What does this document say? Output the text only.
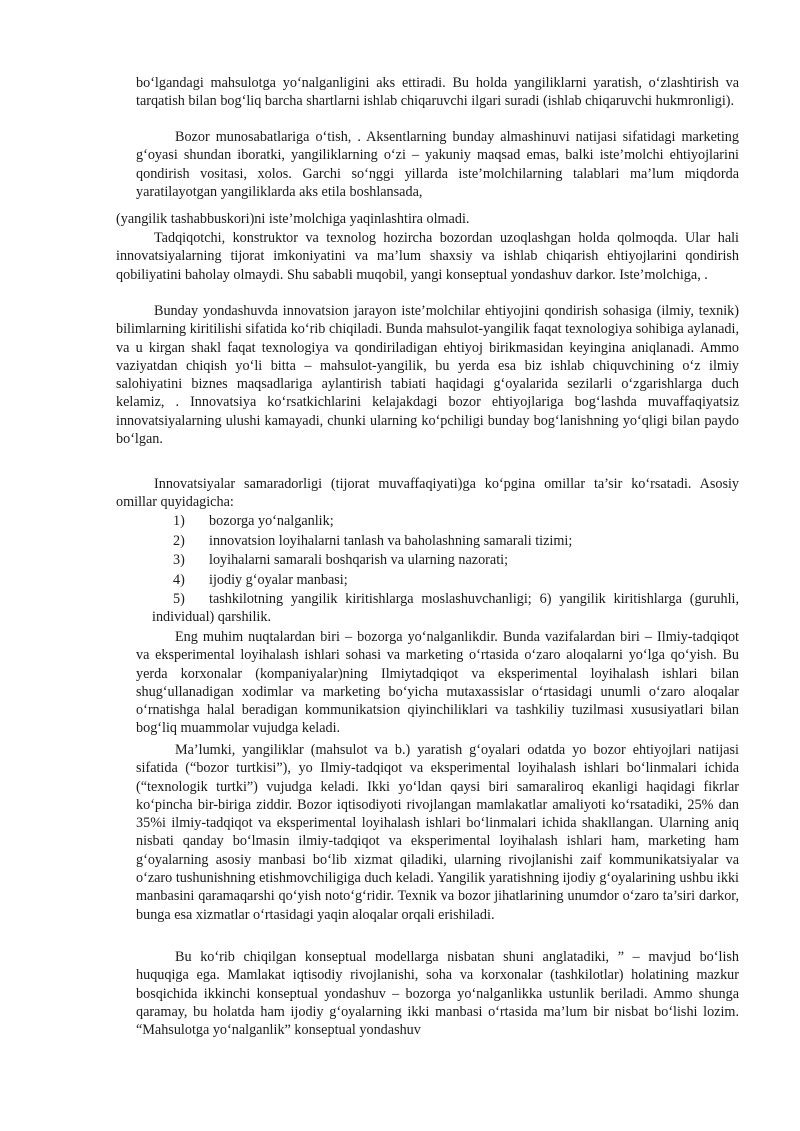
bo‘lgandagi mahsulotga yo‘nalganligini aks ettiradi. Bu holda yangiliklarni yaratish, o‘zlashtirish va tarqatish bilan bog‘liq barcha shartlarni ishlab chiqaruvchi ilgari suradi (ishlab chiqaruvchi hukmronligi).

Bozor munosabatlariga o‘tish, . Aksentlarning bunday almashinuvi natijasi sifatidagi marketing g‘oyasi shundan iboratki, yangiliklarning o‘zi – yakuniy maqsad emas, balki iste’molchi ehtiyojlarini qondirish vositasi, xolos. Garchi so‘nggi yillarda iste’molchilarning talablari ma’lum miqdorda yaratilayotgan yangiliklarda aks etila boshlansada,

(yangilik tashabbuskori)ni iste’molchiga yaqinlashtira olmadi.

Tadqiqotchi, konstruktor va texnolog hozircha bozordan uzoqlashgan holda qolmoqda. Ular hali innovatsiyalarning tijorat imkoniyatini va ma’lum shaxsiy va ishlab chiqarish ehtiyojlarini qondirish qobiliyatini baholay olmaydi. Shu sababli muqobil, yangi konseptual yondashuv darkor. Iste’molchiga, .

Bunday yondashuvda innovatsion jarayon iste’molchilar ehtiyojini qondirish sohasiga (ilmiy, texnik) bilimlarning kiritilishi sifatida ko‘rib chiqiladi. Bunda mahsulot-yangilik faqat texnologiya sohibiga aylanadi, va u kirgan shakl faqat texnologiya va qondiriladigan ehtiyoj birikmasidan keyingina aniqlanadi. Ammo vaziyatdan chiqish yo‘li bitta – mahsulot-yangilik, bu yerda esa biz ishlab chiquvchining o‘z ilmiy salohiyatini biznes maqsadlariga aylantirish tabiati haqidagi g‘oyalarida sezilarli o‘zgarishlarga duch kelamiz, . Innovatsiya ko‘rsatkichlarini kelajakdagi bozor ehtiyojlariga bog‘lashda muvaffaqiyatsiz innovatsiyalarning ulushi kamayadi, chunki ularning ko‘pchiligi bunday bog‘lanishning yo‘qligi bilan paydo bo‘lgan.

Innovatsiyalar samaradorligi (tijorat muvaffaqiyati)ga ko‘pgina omillar ta’sir ko‘rsatadi. Asosiy omillar quyidagicha:

1)	bozorga yo‘nalganlik;
2)	innovatsion loyihalarni tanlash va baholashning samarali tizimi;
3)	loyihalarni samarali boshqarish va ularning nazorati;
4)	ijodiy g‘oyalar manbasi;

5) tashkilotning yangilik kiritishlarga moslashuvchanligi; 6) yangilik kiritishlarga (guruhli, individual) qarshilik.

Eng muhim nuqtalardan biri – bozorga yo‘nalganlikdir. Bunda vazifalardan biri – Ilmiy-tadqiqot va eksperimental loyihalash ishlari sohasi va marketing o‘rtasida o‘zaro aloqalarni yo‘lga qo‘yish. Bu yerda korxonalar (kompaniyalar)ning Ilmiytadqiqot va eksperimental loyihalash ishlari bilan shug‘ullanadigan xodimlar va marketing bo‘yicha mutaxassislar o‘rtasidagi unumli o‘zaro aloqalar o‘rnatishga halal beradigan kommunikatsion qiyinchiliklari va tashkiliy tuzilmasi xususiyatlari bilan bog‘liq muammolar vujudga keladi.

Ma’lumki, yangiliklar (mahsulot va b.) yaratish g‘oyalari odatda yo bozor ehtiyojlari natijasi sifatida (“bozor turtkisi”), yo Ilmiy-tadqiqot va eksperimental loyihalash ishlari bo‘linmalari ichida (“texnologik turtki”) vujudga keladi. Ikki yo‘ldan qaysi biri samaraliroq ekanligi haqidagi fikrlar ko‘pincha bir-biriga ziddir. Bozor iqtisodiyoti rivojlangan mamlakatlar amaliyoti ko‘rsatadiki, 25% dan 35%i ilmiy-tadqiqot va eksperimental loyihalash ishlari bo‘linmalari ichida shakllangan. Ularning aniq nisbati qanday bo‘lmasin ilmiy-tadqiqot va eksperimental loyihalash ishlari ham, marketing ham g‘oyalarning asosiy manbasi bo‘lib xizmat qiladiki, ularning rivojlanishi zaif kommunikatsiyalar va o‘zaro tushunishning etishmovchiligiga duch keladi. Yangilik yaratishning ijodiy g‘oyalarining ushbu ikki manbasini qaramaqarshi qo‘yish noto‘g‘ridir. Texnik va bozor jihatlarining unumdor o‘zaro ta’siri darkor, bunga esa xizmatlar o‘rtasidagi yaqin aloqalar orqali erishiladi.

Bu ko‘rib chiqilgan konseptual modellarga nisbatan shuni anglatadiki, ” – mavjud bo‘lish huquqiga ega. Mamlakat iqtisodiy rivojlanishi, soha va korxonalar (tashkilotlar) holatining mazkur bosqichida ikkinchi konseptual yondashuv – bozorga yo‘nalganlikka ustunlik beriladi. Ammo shunga qaramay, bu holatda ham ijodiy g‘oyalarning ikki manbasi o‘rtasida ma’lum bir nisbat bo‘lishi lozim. “Mahsulotga yo‘nalganlik” konseptual yondashuv
